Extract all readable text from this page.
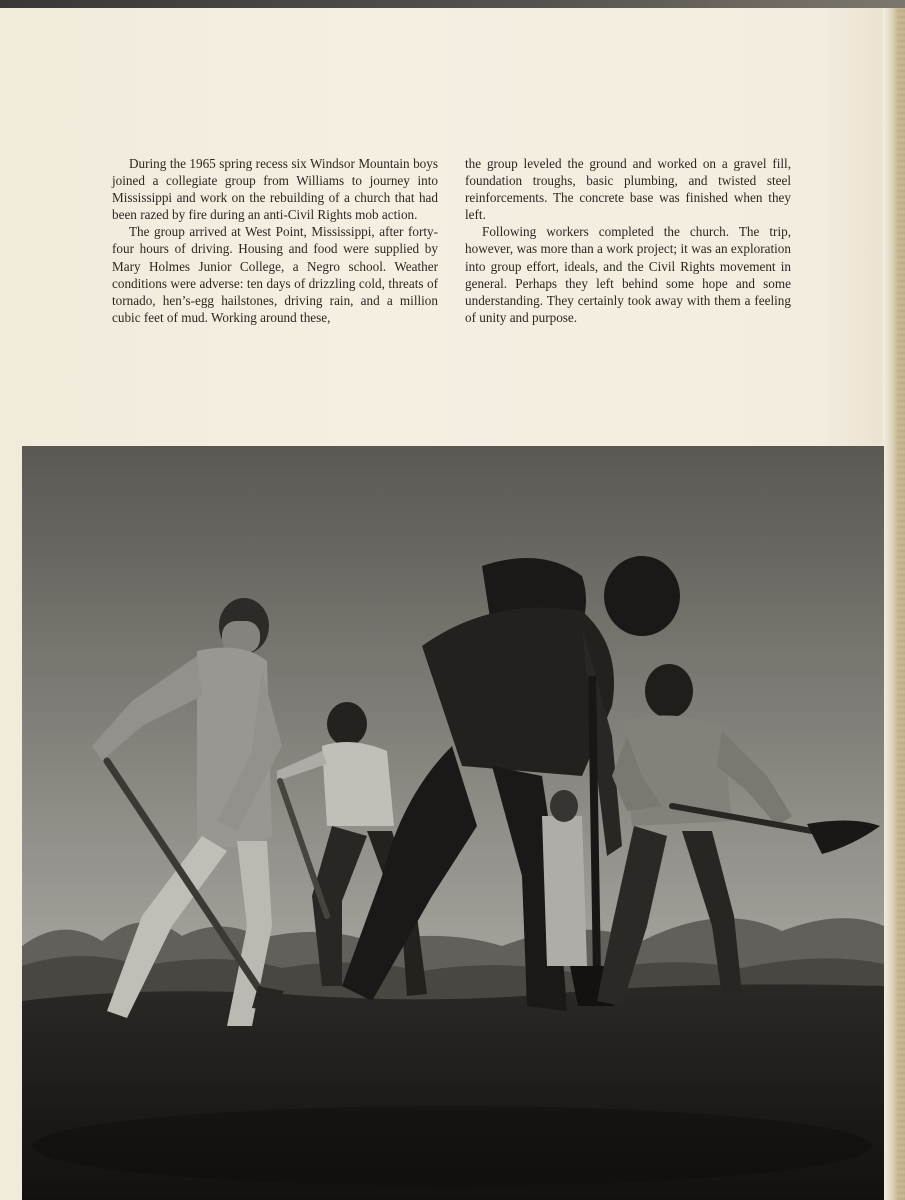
During the 1965 spring recess six Windsor Mountain boys joined a collegiate group from Williams to journey into Mississippi and work on the rebuilding of a church that had been razed by fire during an anti-Civil Rights mob action.

The group arrived at West Point, Mississippi, after forty-four hours of driving. Housing and food were supplied by Mary Holmes Junior College, a Negro school. Weather conditions were adverse: ten days of drizzling cold, threats of tornado, hen’s-egg hailstones, driving rain, and a million cubic feet of mud. Working around these,

the group leveled the ground and worked on a gravel fill, foundation troughs, basic plumbing, and twisted steel reinforcements. The concrete base was finished when they left.

Following workers completed the church. The trip, however, was more than a work project; it was an exploration into group effort, ideals, and the Civil Rights movement in general. Perhaps they left behind some hope and some understanding. They certainly took away with them a feeling of unity and purpose.
